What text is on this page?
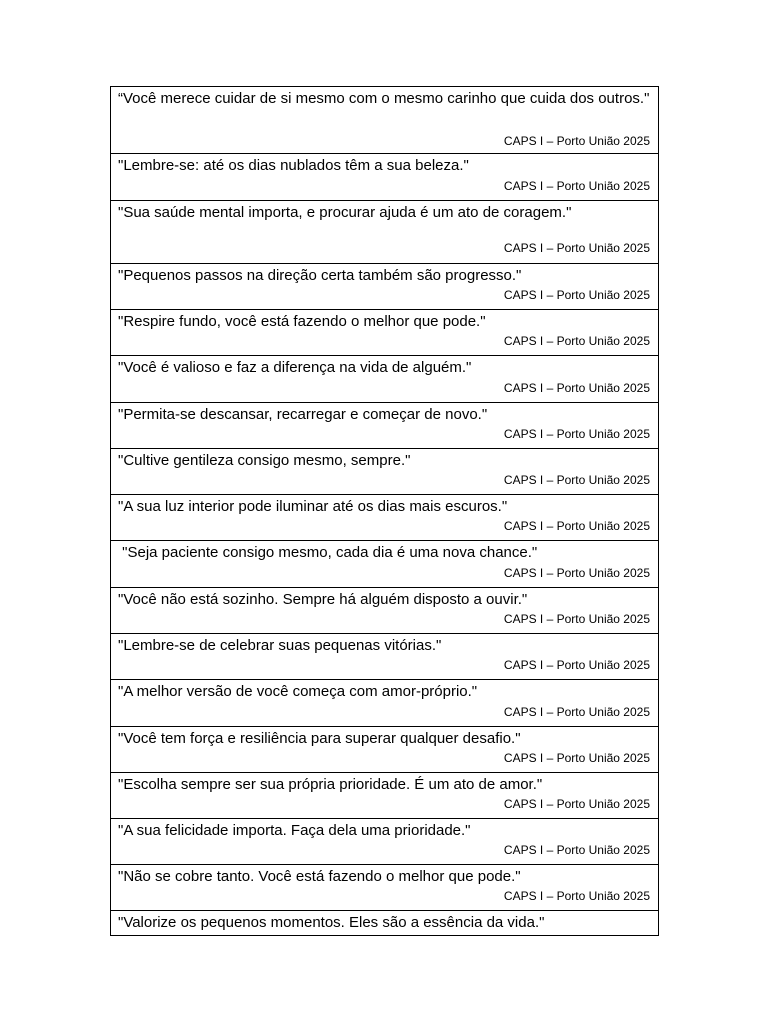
“Você merece cuidar de si mesmo com o mesmo carinho que cuida dos outros."
CAPS I – Porto União 2025
"Lembre-se: até os dias nublados têm a sua beleza."
CAPS I – Porto União 2025
"Sua saúde mental importa, e procurar ajuda é um ato de coragem."
CAPS I – Porto União 2025
"Pequenos passos na direção certa também são progresso."
CAPS I – Porto União 2025
"Respire fundo, você está fazendo o melhor que pode."
CAPS I – Porto União 2025
"Você é valioso e faz a diferença na vida de alguém."
CAPS I – Porto União 2025
"Permita-se descansar, recarregar e começar de novo."
CAPS I – Porto União 2025
"Cultive gentileza consigo mesmo, sempre."
CAPS I – Porto União 2025
"A sua luz interior pode iluminar até os dias mais escuros."
CAPS I – Porto União 2025
"Seja paciente consigo mesmo, cada dia é uma nova chance."
CAPS I – Porto União 2025
"Você não está sozinho. Sempre há alguém disposto a ouvir."
CAPS I – Porto União 2025
"Lembre-se de celebrar suas pequenas vitórias."
CAPS I – Porto União 2025
"A melhor versão de você começa com amor-próprio."
CAPS I – Porto União 2025
"Você tem força e resiliência para superar qualquer desafio."
CAPS I – Porto União 2025
"Escolha sempre ser sua própria prioridade. É um ato de amor."
CAPS I – Porto União 2025
"A sua felicidade importa. Faça dela uma prioridade."
CAPS I – Porto União 2025
"Não se cobre tanto. Você está fazendo o melhor que pode."
CAPS I – Porto União 2025
"Valorize os pequenos momentos. Eles são a essência da vida."
